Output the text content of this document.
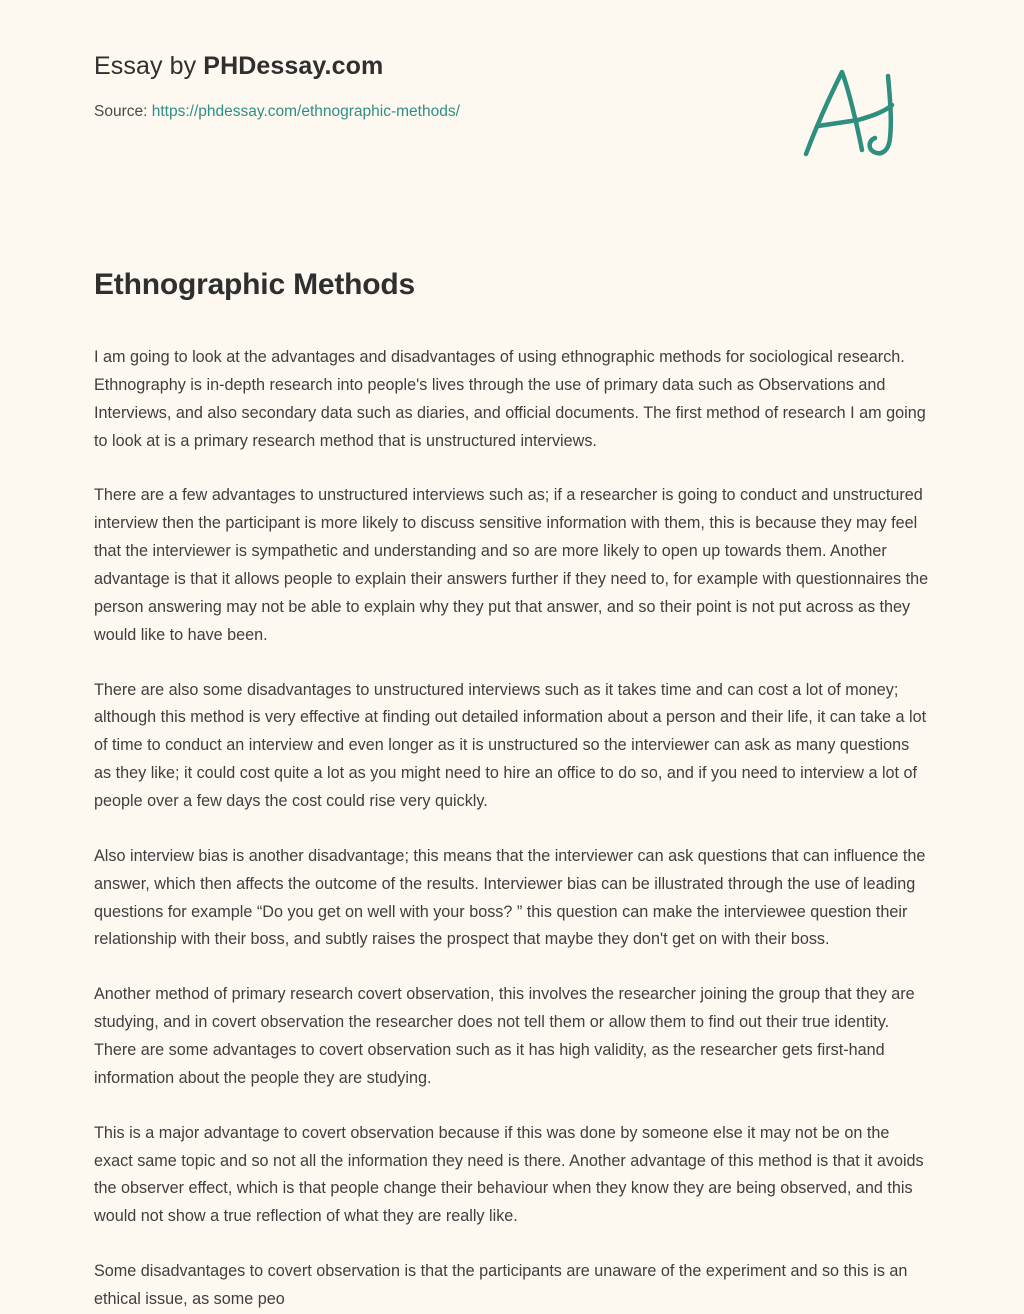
Essay by PHDessay.com

Source: https://phdessay.com/ethnographic-methods/

Ethnographic Methods

I am going to look at the advantages and disadvantages of using ethnographic methods for sociological research. Ethnography is in-depth research into people's lives through the use of primary data such as Observations and Interviews, and also secondary data such as diaries, and official documents. The first method of research I am going to look at is a primary research method that is unstructured interviews.

There are a few advantages to unstructured interviews such as; if a researcher is going to conduct and unstructured interview then the participant is more likely to discuss sensitive information with them, this is because they may feel that the interviewer is sympathetic and understanding and so are more likely to open up towards them. Another advantage is that it allows people to explain their answers further if they need to, for example with questionnaires the person answering may not be able to explain why they put that answer, and so their point is not put across as they would like to have been.

There are also some disadvantages to unstructured interviews such as it takes time and can cost a lot of money; although this method is very effective at finding out detailed information about a person and their life, it can take a lot of time to conduct an interview and even longer as it is unstructured so the interviewer can ask as many questions as they like; it could cost quite a lot as you might need to hire an office to do so, and if you need to interview a lot of people over a few days the cost could rise very quickly.

Also interview bias is another disadvantage; this means that the interviewer can ask questions that can influence the answer, which then affects the outcome of the results. Interviewer bias can be illustrated through the use of leading questions for example “Do you get on well with your boss? ” this question can make the interviewee question their relationship with their boss, and subtly raises the prospect that maybe they don't get on with their boss.

Another method of primary research covert observation, this involves the researcher joining the group that they are studying, and in covert observation the researcher does not tell them or allow them to find out their true identity. There are some advantages to covert observation such as it has high validity, as the researcher gets first-hand information about the people they are studying.

This is a major advantage to covert observation because if this was done by someone else it may not be on the exact same topic and so not all the information they need is there. Another advantage of this method is that it avoids the observer effect, which is that people change their behaviour when they know they are being observed, and this would not show a true reflection of what they are really like.

Some disadvantages to covert observation is that the participants are unaware of the experiment and so this is an ethical issue, as some peo
